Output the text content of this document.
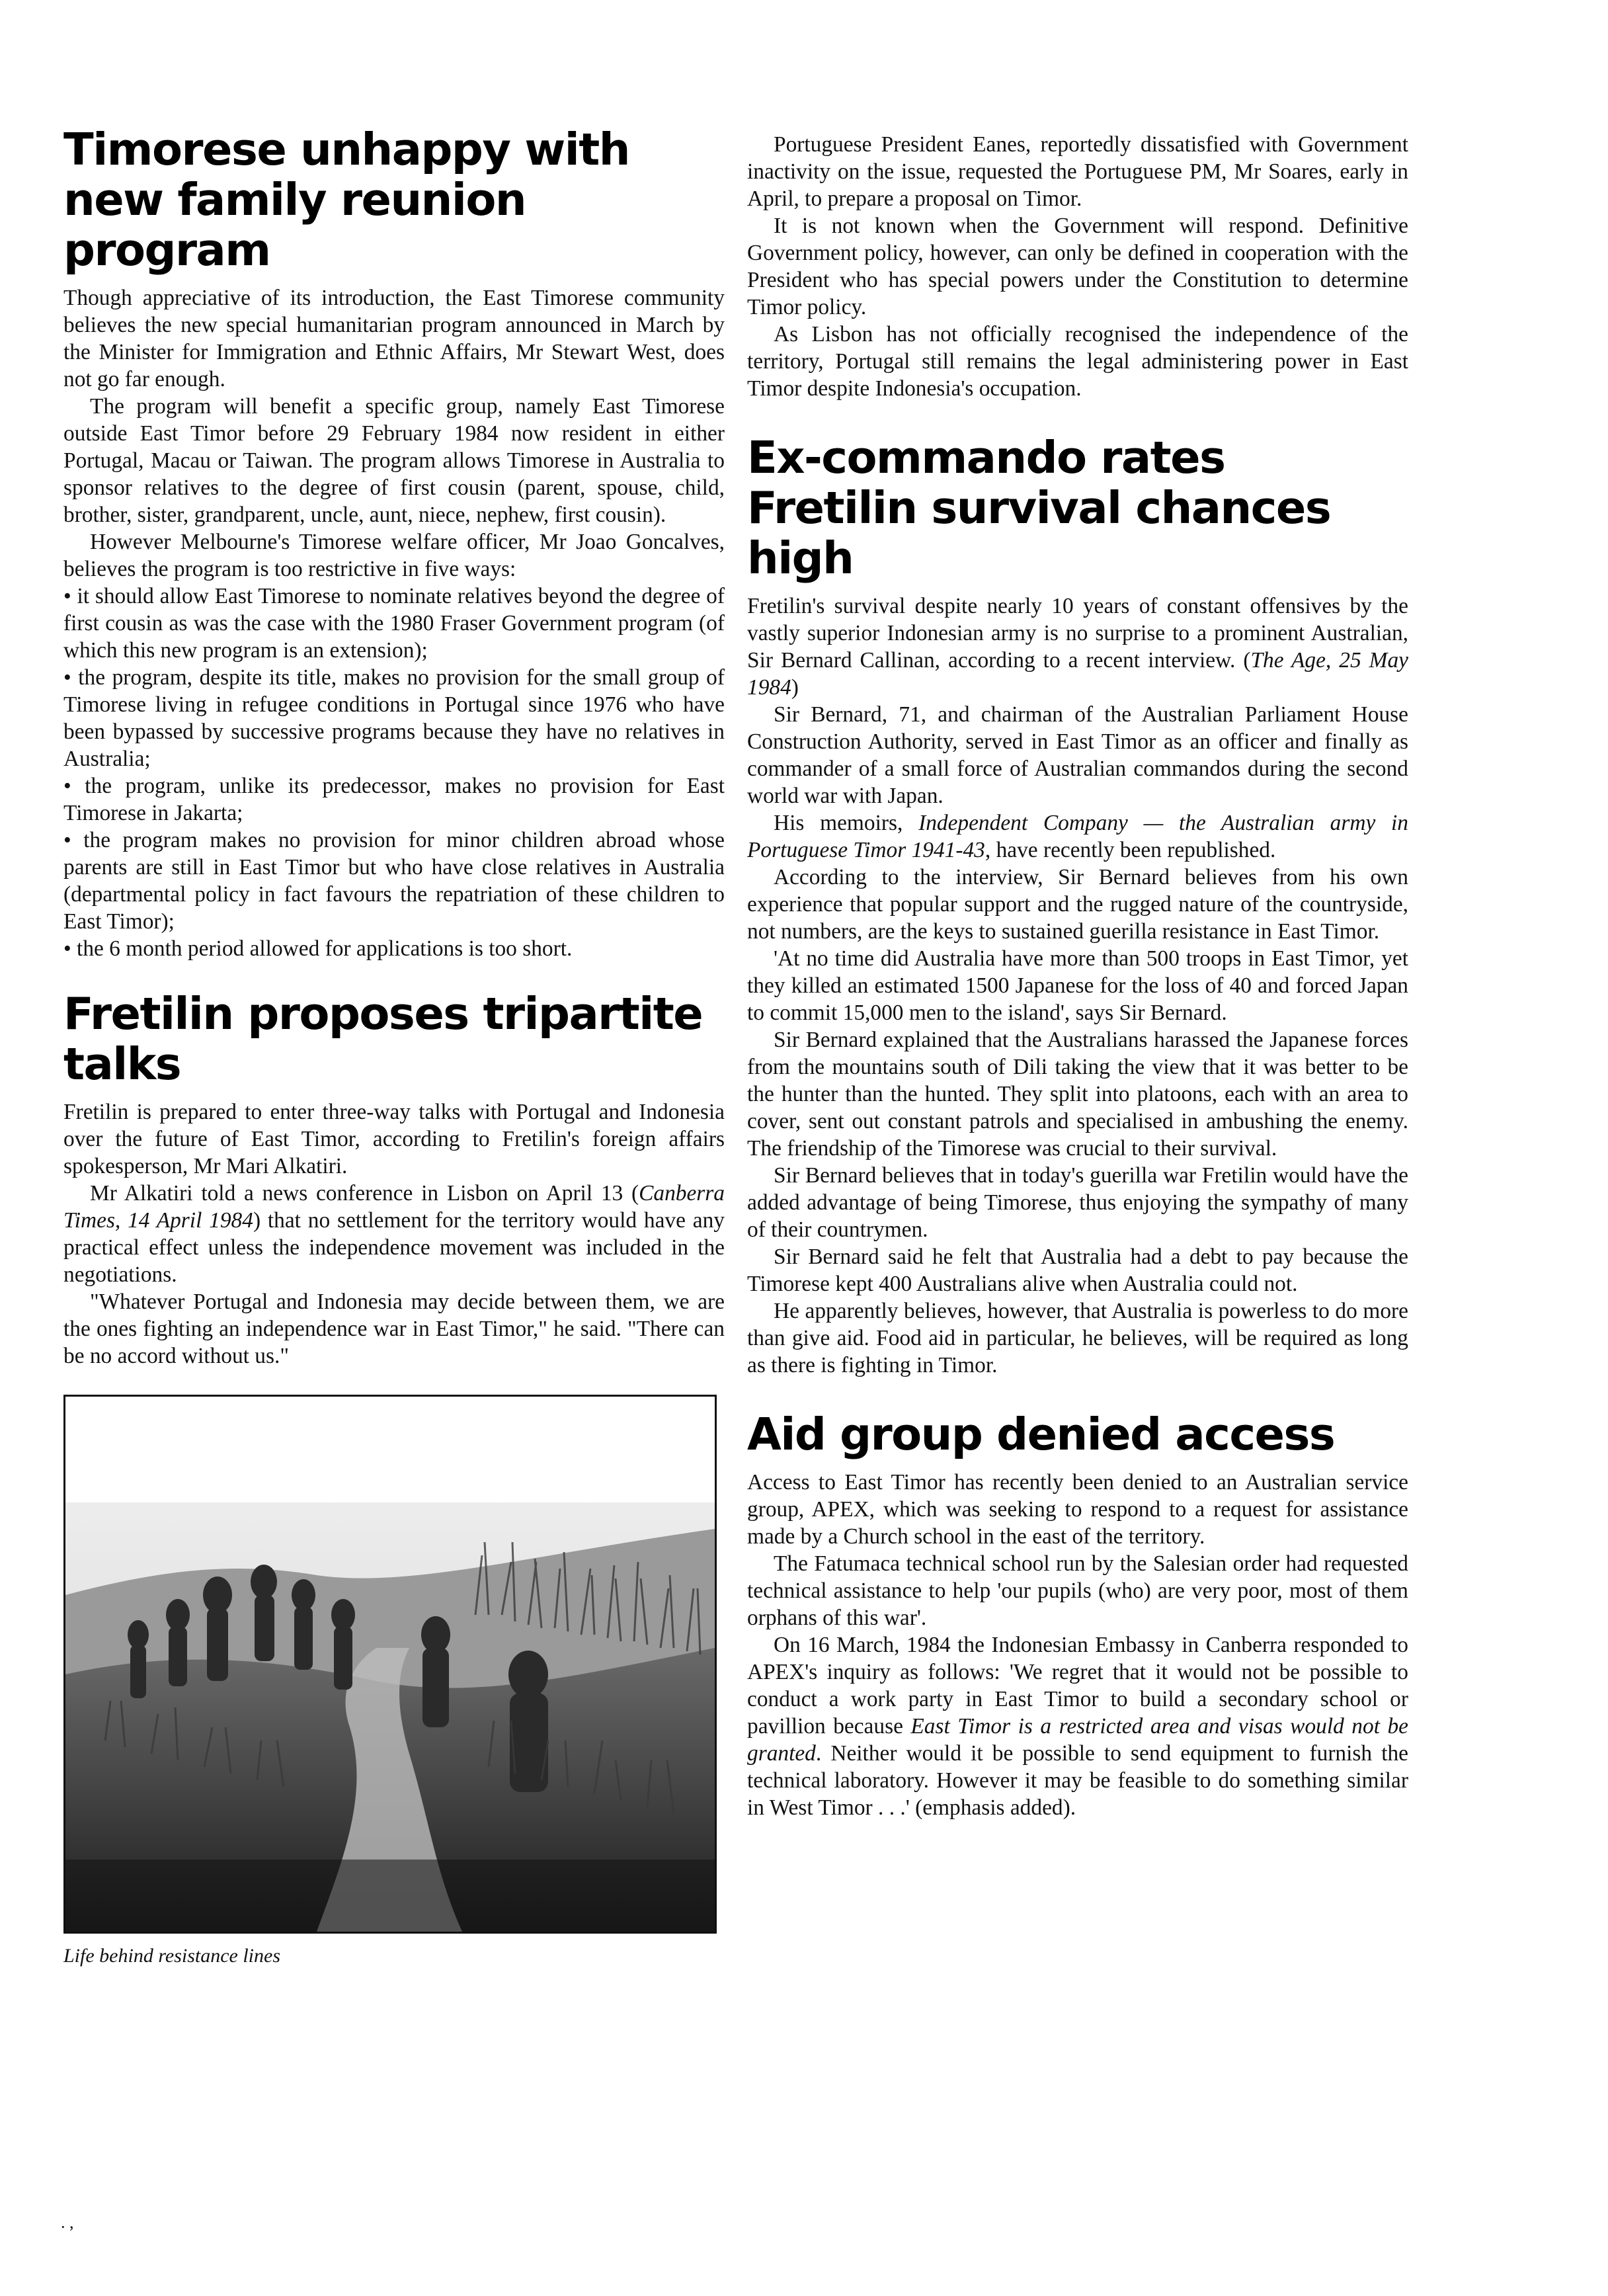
Timorese unhappy with new family reunion program

Though appreciative of its introduction, the East Timorese community believes the new special humanitarian program announced in March by the Minister for Immigration and Ethnic Affairs, Mr Stewart West, does not go far enough.

The program will benefit a specific group, namely East Timorese outside East Timor before 29 February 1984 now resident in either Portugal, Macau or Taiwan. The program allows Timorese in Australia to sponsor relatives to the degree of first cousin (parent, spouse, child, brother, sister, grandparent, uncle, aunt, niece, nephew, first cousin).

However Melbourne's Timorese welfare officer, Mr Joao Goncalves, believes the program is too restrictive in five ways:

• it should allow East Timorese to nominate relatives beyond the degree of first cousin as was the case with the 1980 Fraser Government program (of which this new program is an extension);

• the program, despite its title, makes no provision for the small group of Timorese living in refugee conditions in Portugal since 1976 who have been bypassed by successive programs because they have no relatives in Australia;

• the program, unlike its predecessor, makes no provision for East Timorese in Jakarta;

• the program makes no provision for minor children abroad whose parents are still in East Timor but who have close relatives in Australia (departmental policy in fact favours the repatriation of these children to East Timor);

• the 6 month period allowed for applications is too short.

Fretilin proposes tripartite talks

Fretilin is prepared to enter three-way talks with Portugal and Indonesia over the future of East Timor, according to Fretilin's foreign affairs spokesperson, Mr Mari Alkatiri.

Mr Alkatiri told a news conference in Lisbon on April 13 (Canberra Times, 14 April 1984) that no settlement for the territory would have any practical effect unless the independence movement was included in the negotiations.

"Whatever Portugal and Indonesia may decide between them, we are the ones fighting an independence war in East Timor," he said. "There can be no accord without us."

Life behind resistance lines
. ,

Portuguese President Eanes, reportedly dissatisfied with Government inactivity on the issue, requested the Portuguese PM, Mr Soares, early in April, to prepare a proposal on Timor.

It is not known when the Government will respond. Definitive Government policy, however, can only be defined in cooperation with the President who has special powers under the Constitution to determine Timor policy.

As Lisbon has not officially recognised the independence of the territory, Portugal still remains the legal administering power in East Timor despite Indonesia's occupation.

Ex-commando rates Fretilin survival chances high

Fretilin's survival despite nearly 10 years of constant offensives by the vastly superior Indonesian army is no surprise to a prominent Australian, Sir Bernard Callinan, according to a recent interview. (The Age, 25 May 1984)

Sir Bernard, 71, and chairman of the Australian Parliament House Construction Authority, served in East Timor as an officer and finally as commander of a small force of Australian commandos during the second world war with Japan.

His memoirs, Independent Company — the Australian army in Portuguese Timor 1941-43, have recently been republished.

According to the interview, Sir Bernard believes from his own experience that popular support and the rugged nature of the countryside, not numbers, are the keys to sustained guerilla resistance in East Timor.

'At no time did Australia have more than 500 troops in East Timor, yet they killed an estimated 1500 Japanese for the loss of 40 and forced Japan to commit 15,000 men to the island', says Sir Bernard.

Sir Bernard explained that the Australians harassed the Japanese forces from the mountains south of Dili taking the view that it was better to be the hunter than the hunted. They split into platoons, each with an area to cover, sent out constant patrols and specialised in ambushing the enemy. The friendship of the Timorese was crucial to their survival.

Sir Bernard believes that in today's guerilla war Fretilin would have the added advantage of being Timorese, thus enjoying the sympathy of many of their countrymen.

Sir Bernard said he felt that Australia had a debt to pay because the Timorese kept 400 Australians alive when Australia could not.

He apparently believes, however, that Australia is powerless to do more than give aid. Food aid in particular, he believes, will be required as long as there is fighting in Timor.

Aid group denied access

Access to East Timor has recently been denied to an Australian service group, APEX, which was seeking to respond to a request for assistance made by a Church school in the east of the territory.

The Fatumaca technical school run by the Salesian order had requested technical assistance to help 'our pupils (who) are very poor, most of them orphans of this war'.

On 16 March, 1984 the Indonesian Embassy in Canberra responded to APEX's inquiry as follows: 'We regret that it would not be possible to conduct a work party in East Timor to build a secondary school or pavillion because East Timor is a restricted area and visas would not be granted. Neither would it be possible to send equipment to furnish the technical laboratory. However it may be feasible to do something similar in West Timor . . .' (emphasis added).
